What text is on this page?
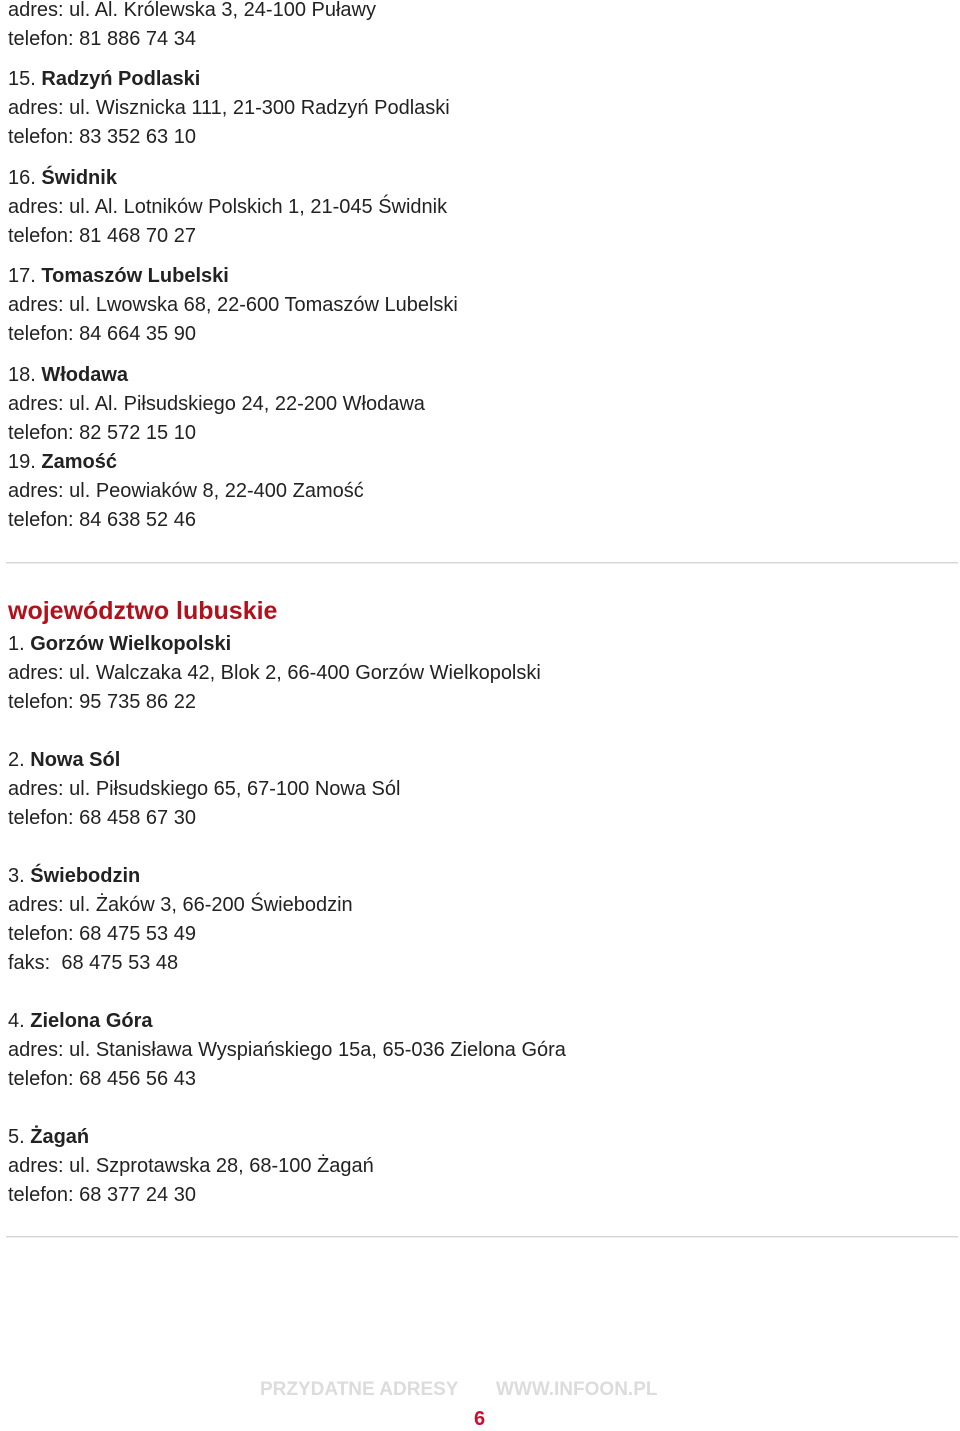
adres: ul. Al. Królewska 3, 24-100 Puławy
telefon: 81 886 74 34
15. Radzyń Podlaski
adres: ul. Wisznicka 111, 21-300 Radzyń Podlaski
telefon: 83 352 63 10
16. Świdnik
adres: ul. Al. Lotników Polskich 1, 21-045 Świdnik
telefon: 81 468 70 27
17. Tomaszów Lubelski
adres: ul. Lwowska 68, 22-600 Tomaszów Lubelski
telefon: 84 664 35 90
18. Włodawa
adres: ul. Al. Piłsudskiego 24, 22-200 Włodawa
telefon: 82 572 15 10
19. Zamość
adres: ul. Peowiaków 8, 22-400 Zamość
telefon: 84 638 52 46
województwo lubuskie
1. Gorzów Wielkopolski
adres: ul. Walczaka 42, Blok 2, 66-400 Gorzów Wielkopolski
telefon: 95 735 86 22
2. Nowa Sól
adres: ul. Piłsudskiego 65, 67-100 Nowa Sól
telefon: 68 458 67 30
3. Świebodzin
adres: ul. Żaków 3, 66-200 Świebodzin
telefon: 68 475 53 49
faks:  68 475 53 48
4. Zielona Góra
adres: ul. Stanisława Wyspiańskiego 15a, 65-036 Zielona Góra
telefon: 68 456 56 43
5. Żagań
adres: ul. Szprotawska 28, 68-100 Żagań
telefon: 68 377 24 30
PRZYDATNE ADRESY WWW.INFOON.PL
6
